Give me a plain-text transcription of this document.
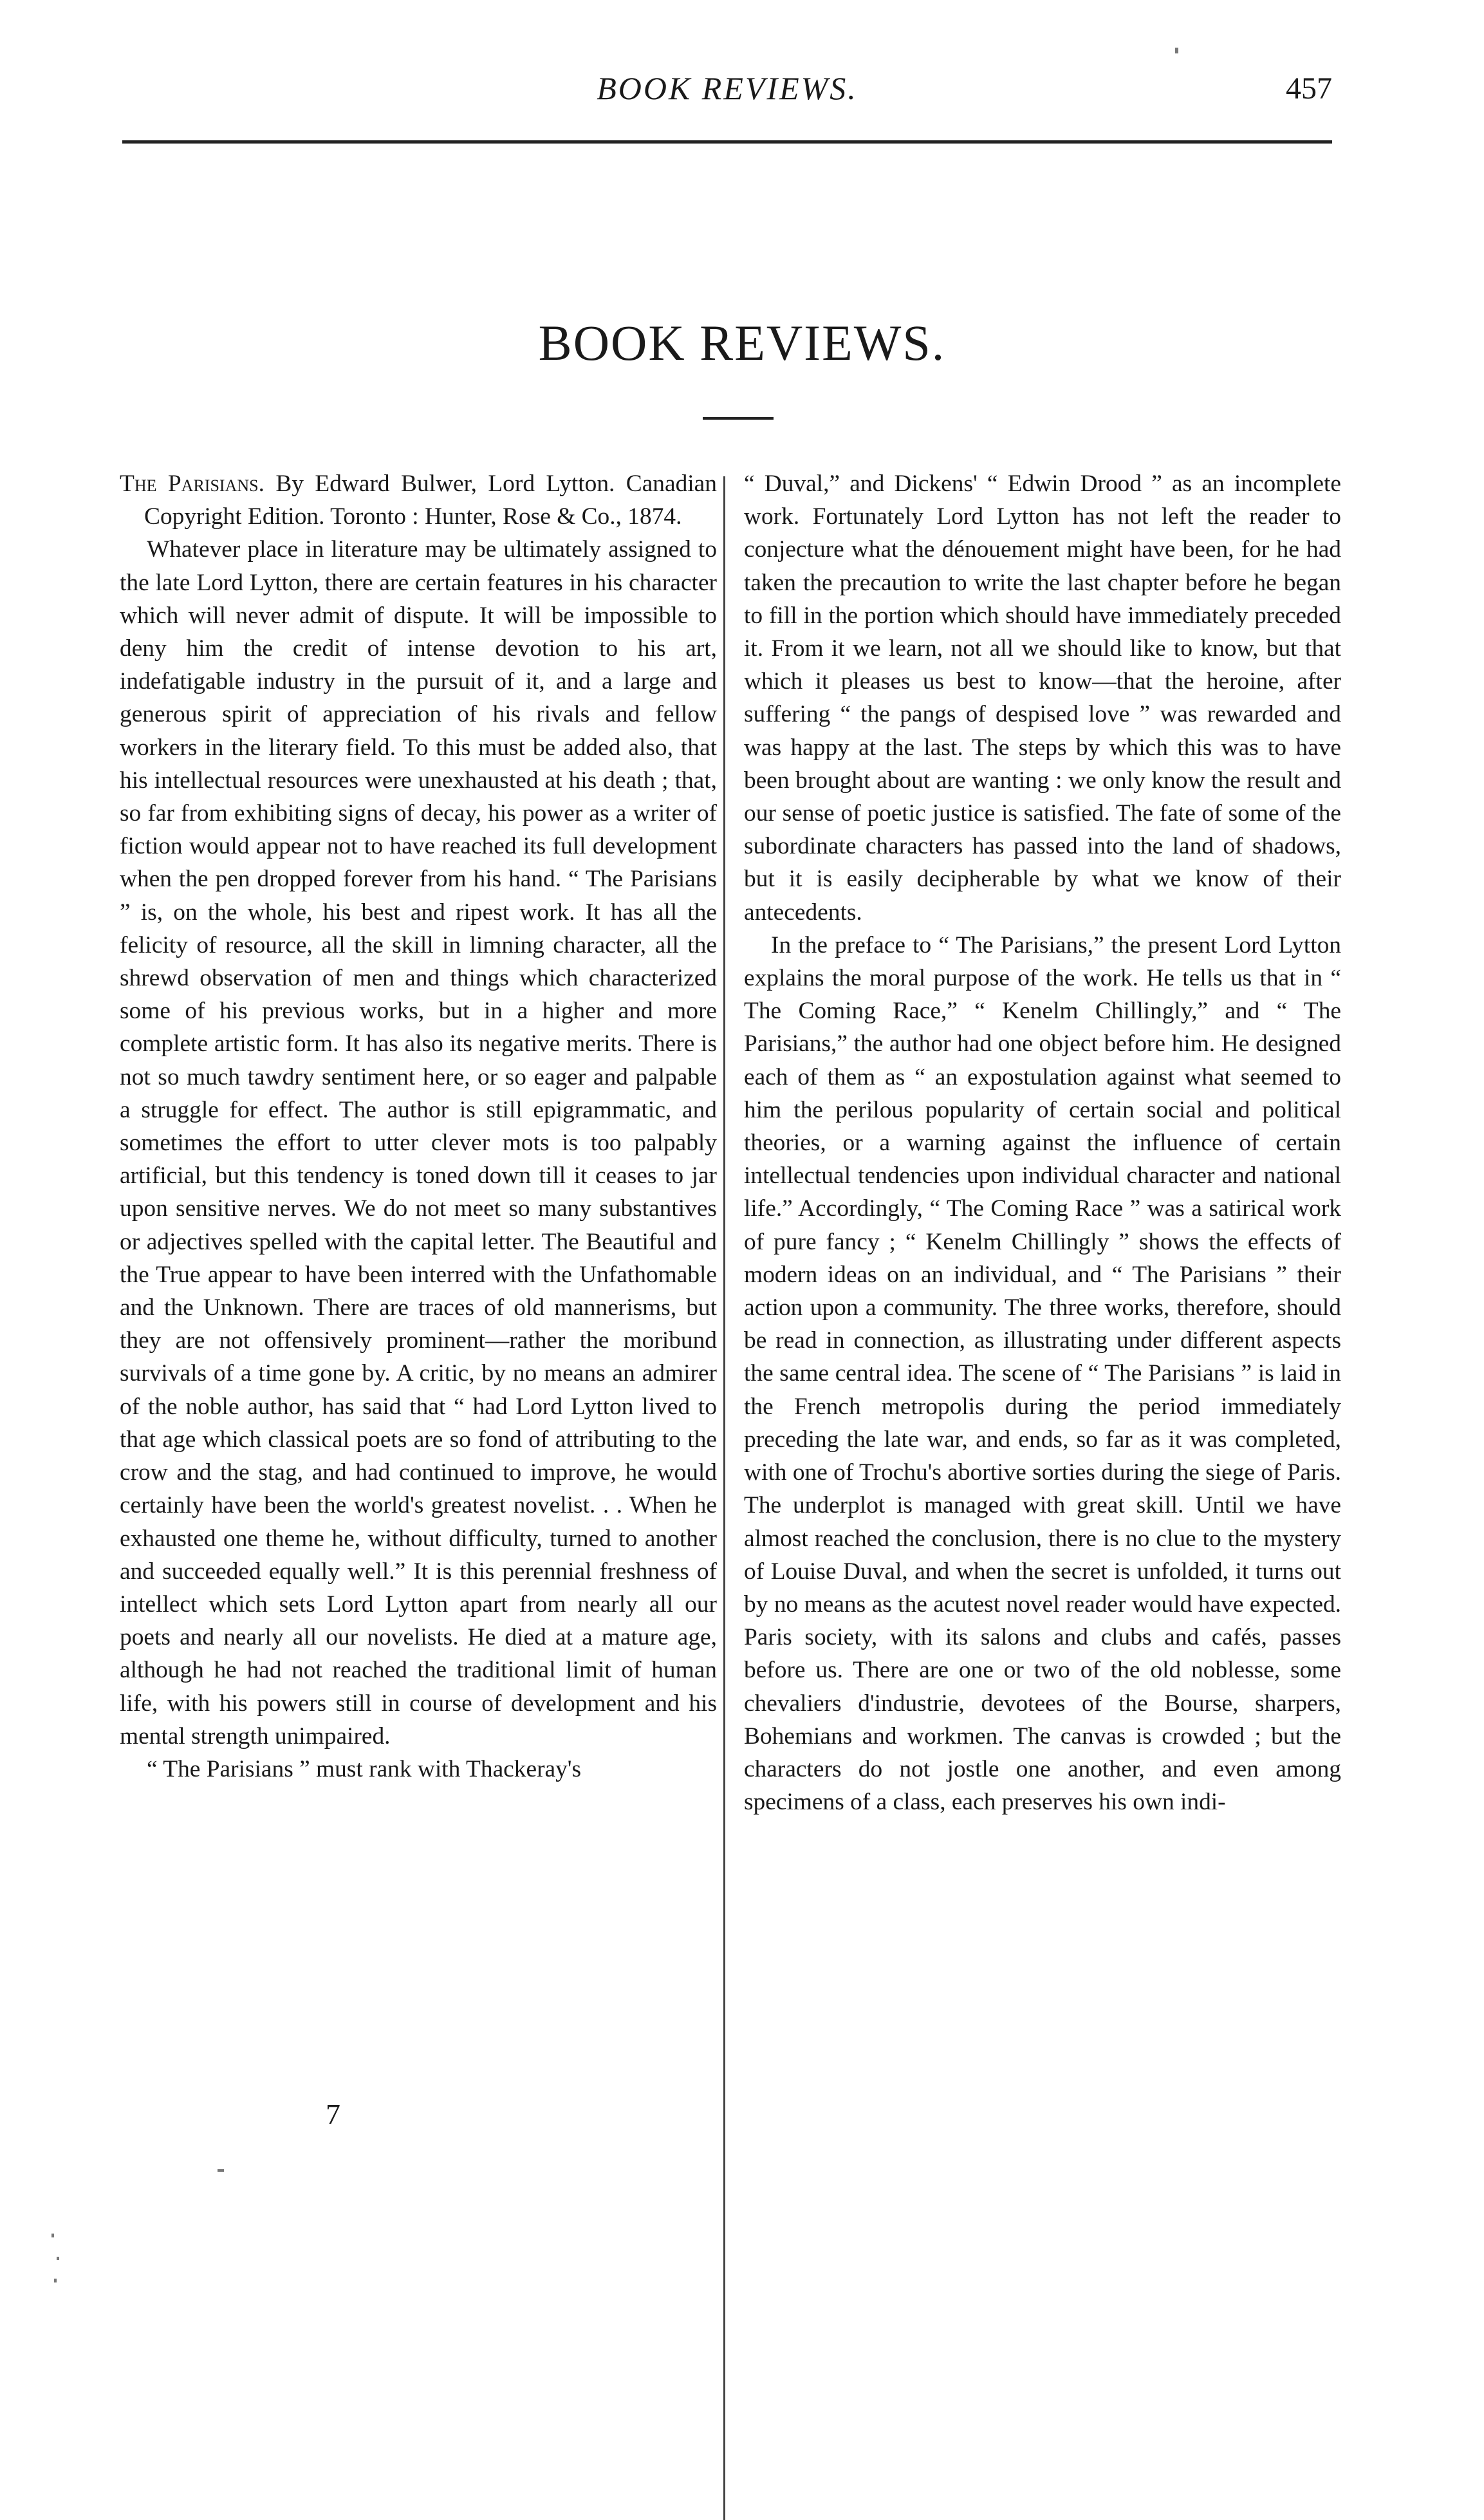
BOOK REVIEWS.	457
BOOK REVIEWS.

The Parisians. By Edward Bulwer, Lord Lytton. Canadian Copyright Edition. Toronto : Hunter, Rose & Co., 1874.

Whatever place in literature may be ultimately assigned to the late Lord Lytton, there are certain features in his character which will never admit of dispute. It will be impossible to deny him the credit of intense devotion to his art, indefatigable industry in the pursuit of it, and a large and generous spirit of appreciation of his rivals and fellow workers in the literary field. To this must be added also, that his intellectual resources were unexhausted at his death ; that, so far from exhibiting signs of decay, his power as a writer of fiction would appear not to have reached its full development when the pen dropped forever from his hand. “ The Parisians ” is, on the whole, his best and ripest work. It has all the felicity of resource, all the skill in limning character, all the shrewd observation of men and things which characterized some of his previous works, but in a higher and more complete artistic form. It has also its negative merits. There is not so much tawdry sentiment here, or so eager and palpable a struggle for effect. The author is still epigrammatic, and sometimes the effort to utter clever mots is too palpably artificial, but this tendency is toned down till it ceases to jar upon sensitive nerves. We do not meet so many substantives or adjectives spelled with the capital letter. The Beautiful and the True appear to have been interred with the Unfathomable and the Unknown. There are traces of old mannerisms, but they are not offensively prominent—rather the moribund survivals of a time gone by. A critic, by no means an admirer of the noble author, has said that “ had Lord Lytton lived to that age which classical poets are so fond of attributing to the crow and the stag, and had continued to improve, he would certainly have been the world's greatest novelist. . . When he exhausted one theme he, without difficulty, turned to another and succeeded equally well.” It is this perennial freshness of intellect which sets Lord Lytton apart from nearly all our poets and nearly all our novelists. He died at a mature age, although he had not reached the traditional limit of human life, with his powers still in course of development and his mental strength unimpaired.

“ The Parisians ” must rank with Thackeray's

“ Duval,” and Dickens' “ Edwin Drood ” as an incomplete work. Fortunately Lord Lytton has not left the reader to conjecture what the dénouement might have been, for he had taken the precaution to write the last chapter before he began to fill in the portion which should have immediately preceded it. From it we learn, not all we should like to know, but that which it pleases us best to know—that the heroine, after suffering “ the pangs of despised love ” was rewarded and was happy at the last. The steps by which this was to have been brought about are wanting : we only know the result and our sense of poetic justice is satisfied. The fate of some of the subordinate characters has passed into the land of shadows, but it is easily decipherable by what we know of their antecedents.

In the preface to “ The Parisians,” the present Lord Lytton explains the moral purpose of the work. He tells us that in “ The Coming Race,” “ Kenelm Chillingly,” and “ The Parisians,” the author had one object before him. He designed each of them as “ an expostulation against what seemed to him the perilous popularity of certain social and political theories, or a warning against the influence of certain intellectual tendencies upon individual character and national life.” Accordingly, “ The Coming Race ” was a satirical work of pure fancy ; “ Kenelm Chillingly ” shows the effects of modern ideas on an individual, and “ The Parisians ” their action upon a community. The three works, therefore, should be read in connection, as illustrating under different aspects the same central idea. The scene of “ The Parisians ” is laid in the French metropolis during the period immediately preceding the late war, and ends, so far as it was completed, with one of Trochu's abortive sorties during the siege of Paris. The underplot is managed with great skill. Until we have almost reached the conclusion, there is no clue to the mystery of Louise Duval, and when the secret is unfolded, it turns out by no means as the acutest novel reader would have expected. Paris society, with its salons and clubs and cafés, passes before us. There are one or two of the old noblesse, some chevaliers d'industrie, devotees of the Bourse, sharpers, Bohemians and workmen. The canvas is crowded ; but the characters do not jostle one another, and even among specimens of a class, each preserves his own indi-

7
